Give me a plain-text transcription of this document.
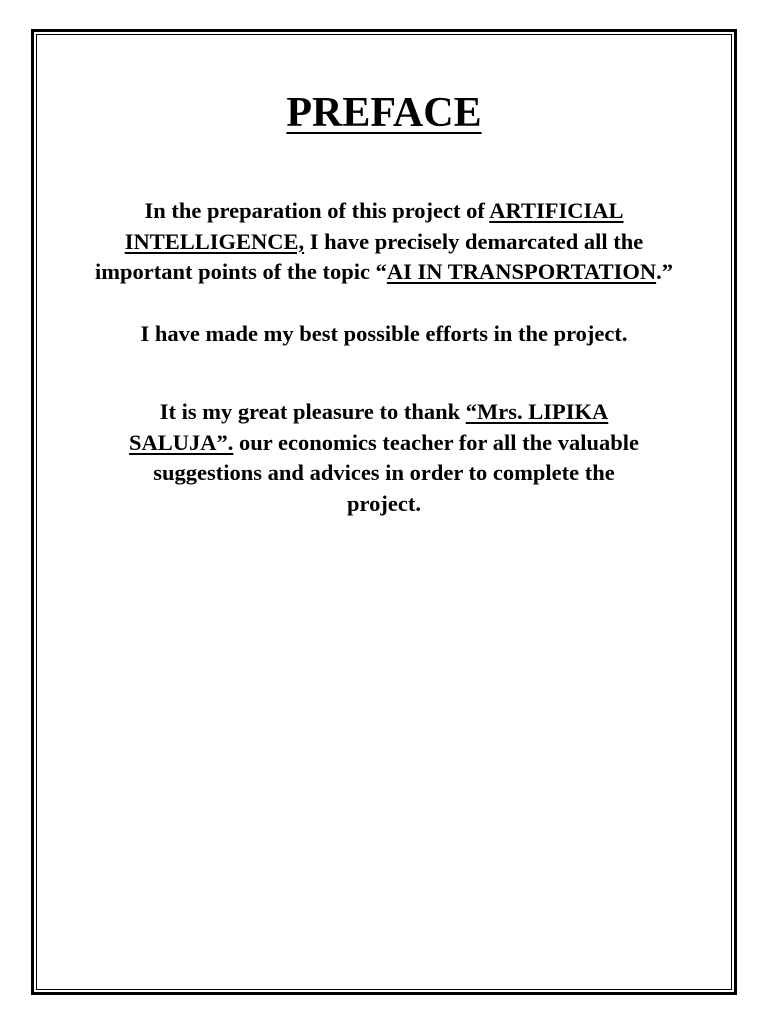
PREFACE

In the preparation of this project of ARTIFICIAL INTELLIGENCE, I have precisely demarcated all the important points of the topic “AI IN TRANSPORTATION.”

I have made my best possible efforts in the project.

It is my great pleasure to thank “Mrs. LIPIKA SALUJA”. our economics teacher for all the valuable suggestions and advices in order to complete the project.
